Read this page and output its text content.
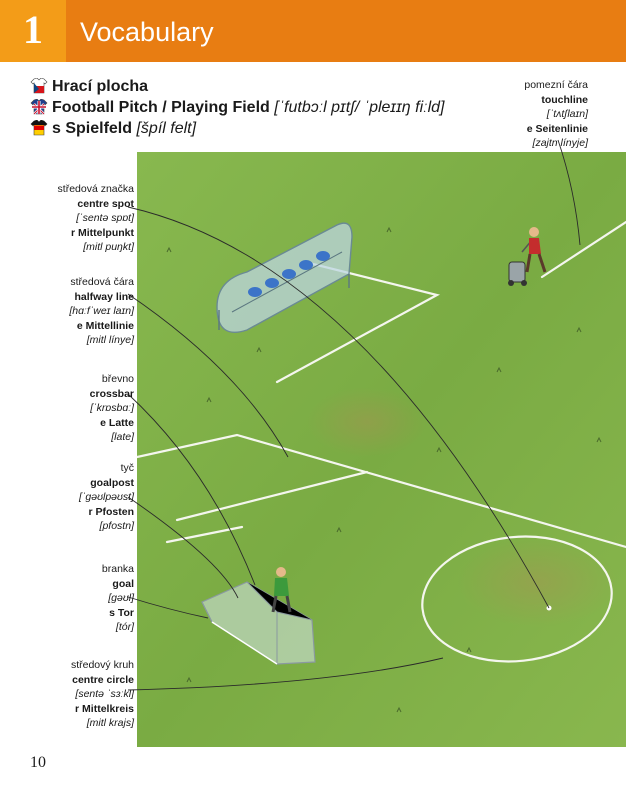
1	Vocabulary
Hrací plocha
Football Pitch / Playing Field [ˈfutbɔːl pɪtʃ/ ˈpleɪɪŋ fiːld]
s Spielfeld [špíl felt]
pomezní čára
touchline
[ˈtʌtʃlaɪn]
e Seitenlinie
[zajtn línyje]
středová značka
centre spot
[ˈsentə spɒt]
r Mittelpunkt
[mitl puŋkt]
středová čára
halfway line
[hɑːfˈweɪ laɪn]
e Mittellinie
[mitl línye]
břevno
crossbar
[ˈkrɒsbɑː]
e Latte
[late]
tyč
goalpost
[ˈgəʊlpəʊst]
r Pfosten
[pfostn]
branka
goal
[gəʊl]
s Tor
[tór]
středový kruh
centre circle
[sentə ˈsɜːkl]
r Mittelkreis
[mitl krajs]
10
